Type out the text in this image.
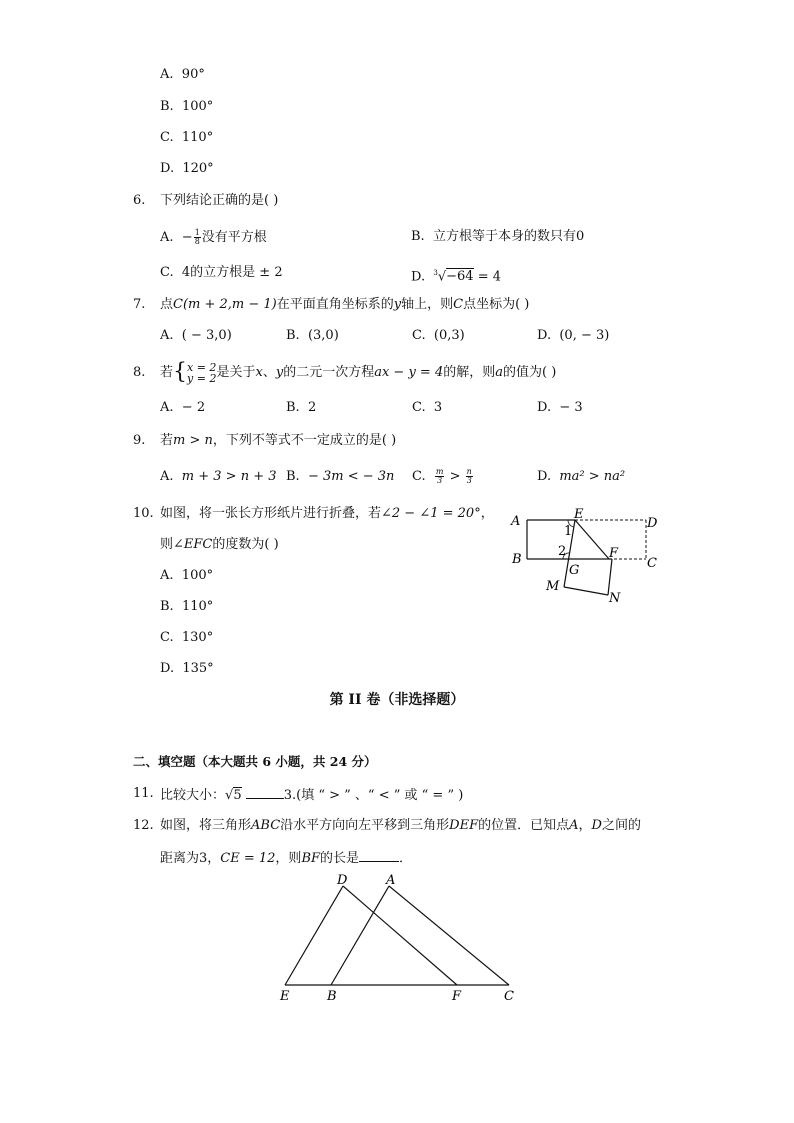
A. 90°
B. 100°
C. 110°
D. 120°
6. 下列结论正确的是( )
A. − $\frac{1}{8}$ 没有平方根	B. 立方根等于本身的数只有0
C. 4的立方根是 ± 2	D. $^3$√−64 = 4
7. 点C(m + 2,m − 1)在平面直角坐标系的y轴上，则C点坐标为( )
A. ( − 3,0)	B. (3,0)	C. (0,3)	D. (0, − 3)
8. 若{ x = 2
y = 2 是关于x、y的二元一次方程ax − y = 4的解，则a的值为( )
A.  − 2	B. 2	C. 3	D.  − 3
9. 若m > n，下列不等式不一定成立的是( )
A. m + 3 > n + 3 B.  − 3m < − 3n C. $\frac{m}{3} > \frac{n}{3}$	D. ma² > na²
10. 如图，将一张长方形纸片进行折叠，若∠2 − ∠1 = 20°，
则∠EFC的度数为( )
A. 100°
B. 110°
C. 130°
D. 135°
A
B	C
D
E
F
G
M
N
1
2
第 II 卷（非选择题）
二、填空题（本大题共 6 小题，共 24 分）
11. 比较大小：√5	3.(填 “ > ” 、“ < ” 或 “ = ” )
12. 如图，将三角形ABC沿水平方向向左平移到三角形DEF的位置．已知点A，D之间的
距离为3，CE = 12，则BF的长是	．
D	A
E	B	F	C
